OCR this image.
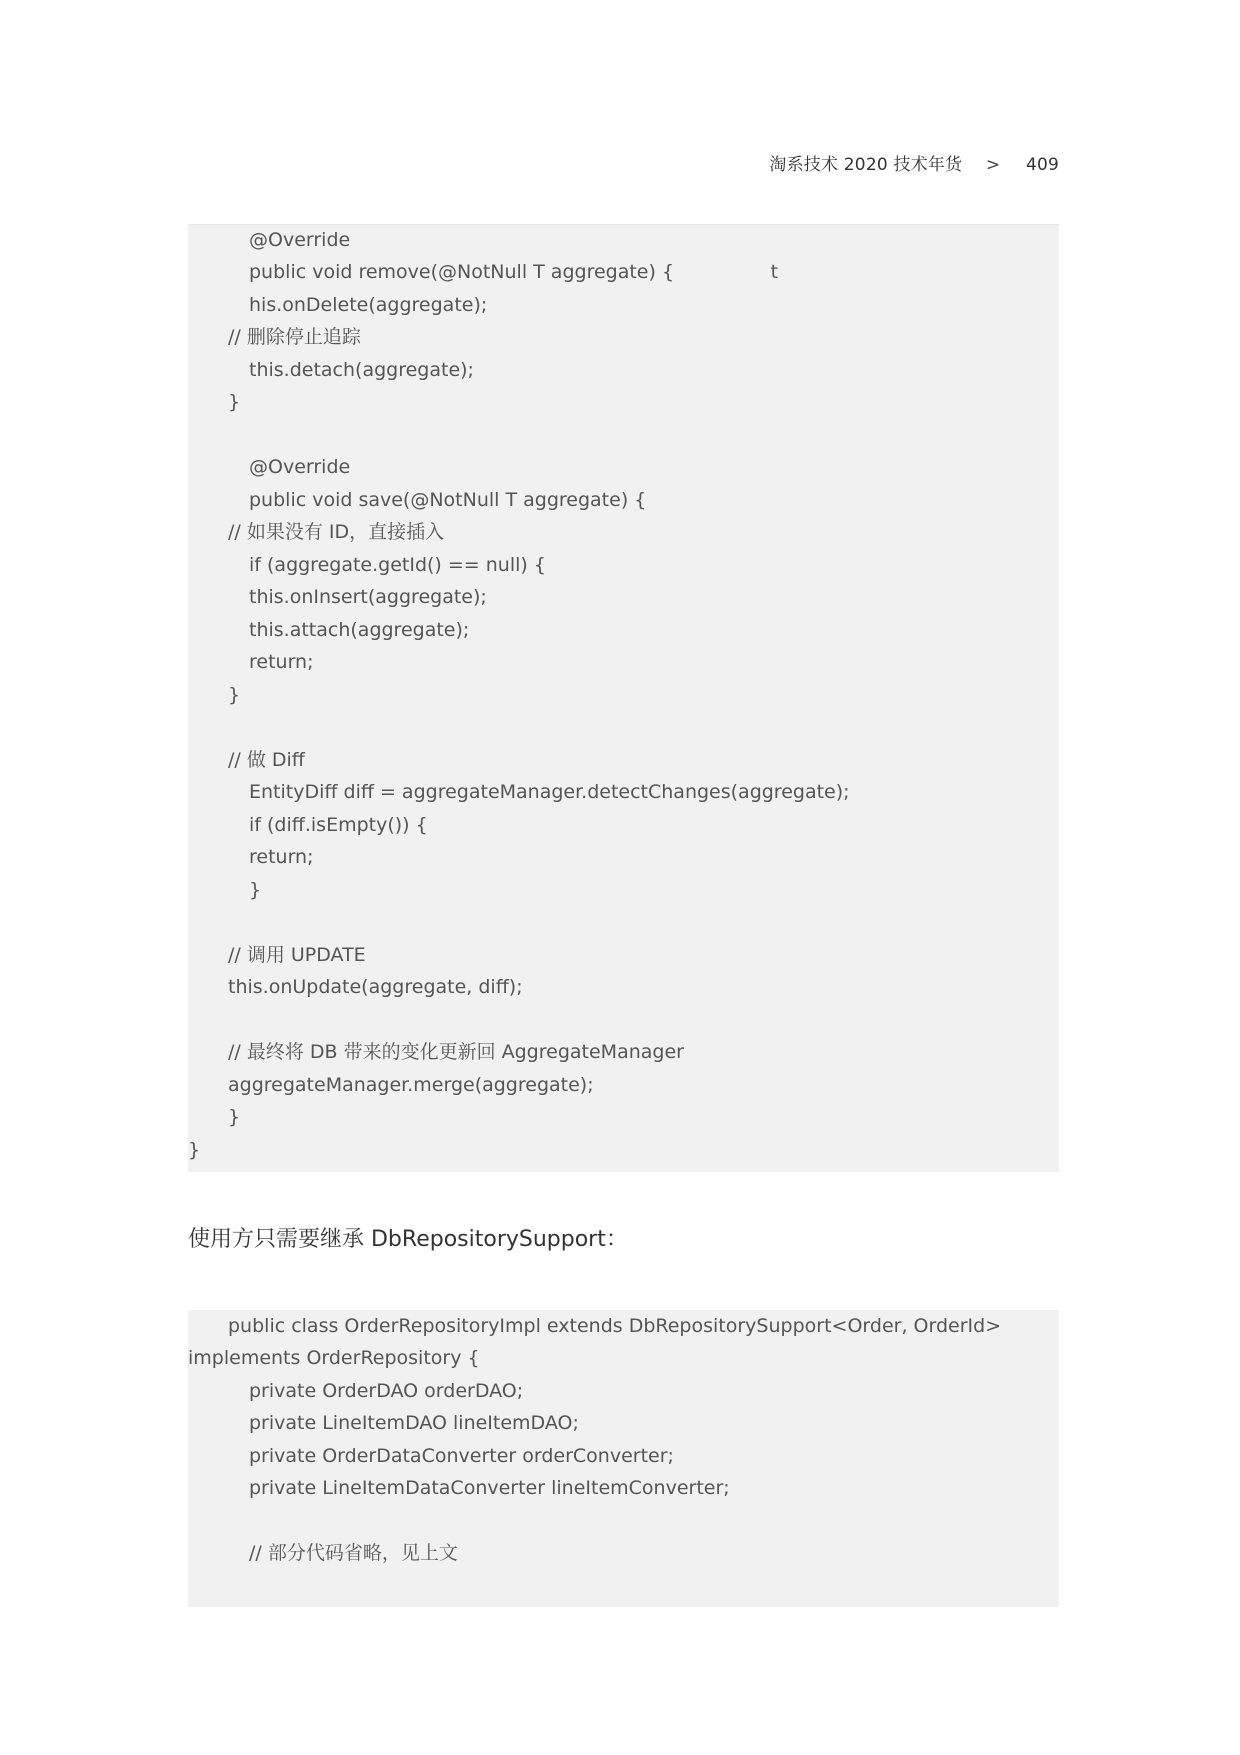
淘系技术 2020 技术年货 > 409
@Override
public void remove(@NotNull T aggregate) {                t
his.onDelete(aggregate);
// 删除停止追踪
this.detach(aggregate);
}
@Override
public void save(@NotNull T aggregate) {
// 如果没有 ID，直接插入
if (aggregate.getId() == null) {
this.onInsert(aggregate);
this.attach(aggregate);
return;
}
// 做 Diff
EntityDiff diff = aggregateManager.detectChanges(aggregate);
if (diff.isEmpty()) {
return;
}
// 调用 UPDATE
this.onUpdate(aggregate, diff);
// 最终将 DB 带来的变化更新回 AggregateManager
aggregateManager.merge(aggregate);
}
}
使用方只需要继承 DbRepositorySupport：
public class OrderRepositoryImpl extends DbRepositorySupport<Order, OrderId>
implements OrderRepository {
private OrderDAO orderDAO;
private LineItemDAO lineItemDAO;
private OrderDataConverter orderConverter;
private LineItemDataConverter lineItemConverter;
// 部分代码省略，见上文
